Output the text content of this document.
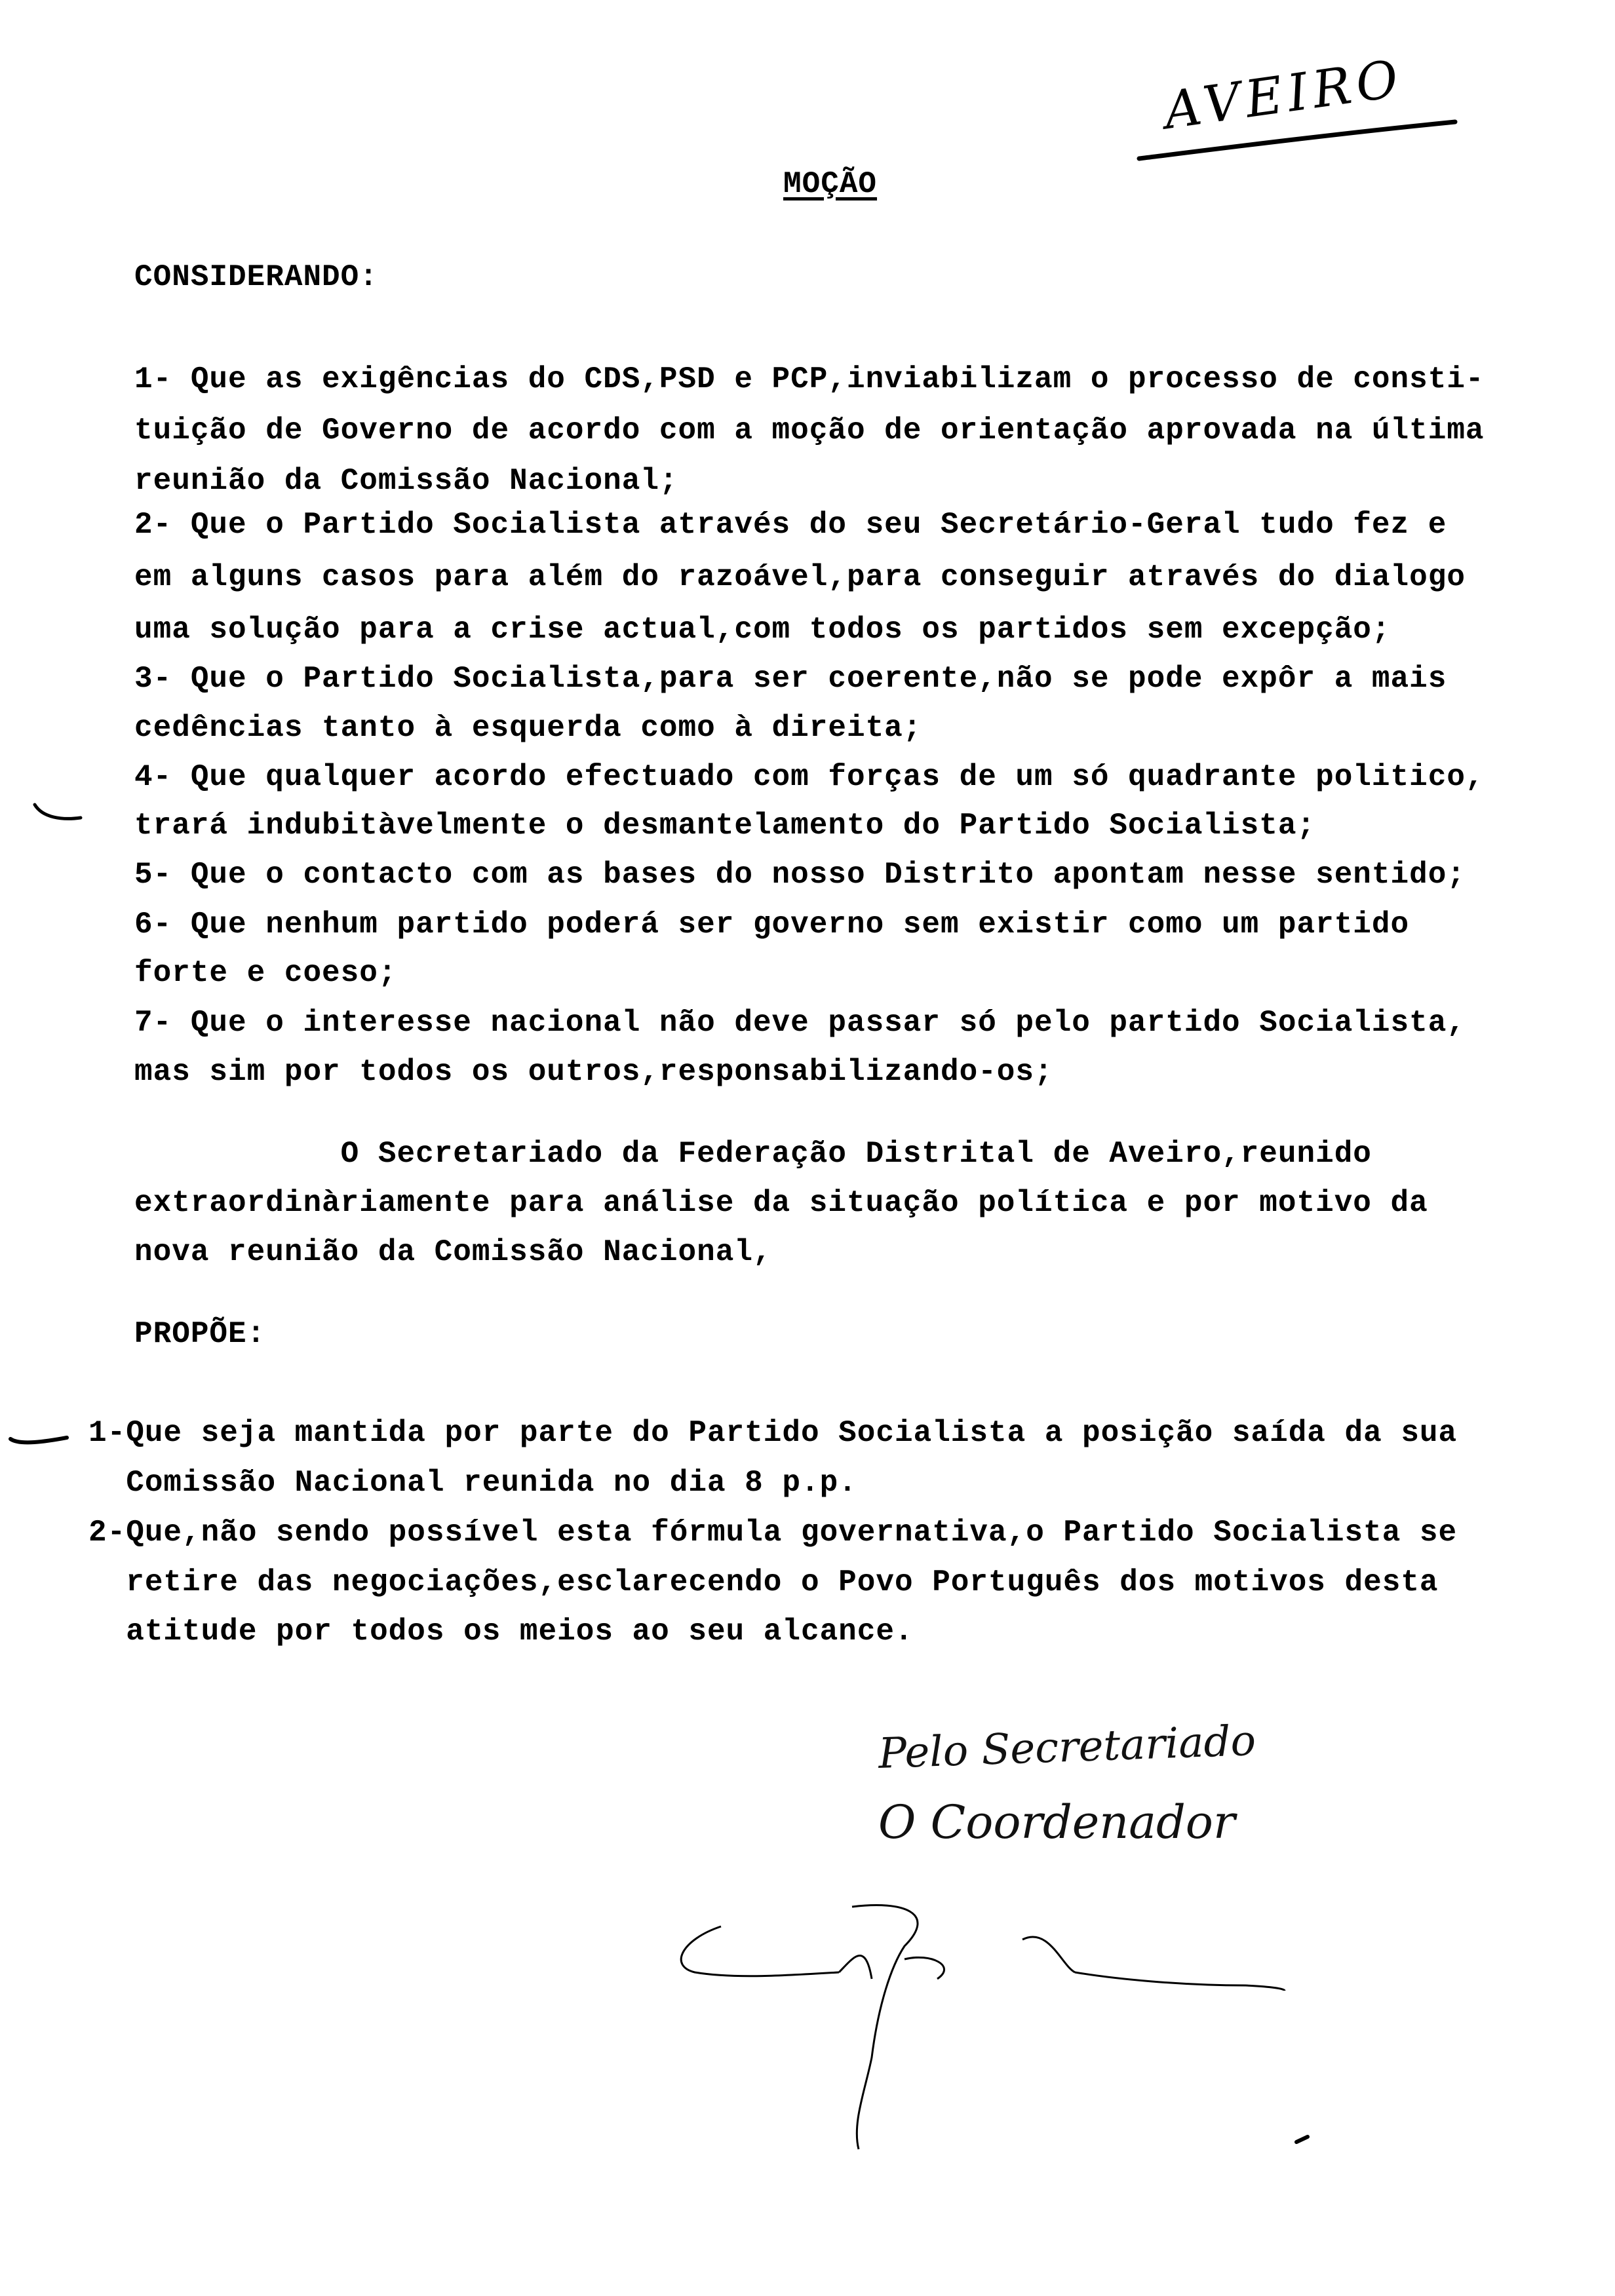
AVEIRO
MOÇÃO
CONSIDERANDO:
1- Que as exigências do CDS,PSD e PCP,inviabilizam o processo de consti-
tuição de Governo de acordo com a moção de orientação aprovada na última
reunião da Comissão Nacional;
2- Que o Partido Socialista através do seu Secretário-Geral tudo fez e
em alguns casos para além do razoável,para conseguir através do dialogo
uma solução para a crise actual,com todos os partidos sem excepção;
3- Que o Partido Socialista,para ser coerente,não se pode expôr a mais
cedências tanto à esquerda como à direita;
4- Que qualquer acordo efectuado com forças de um só quadrante politico,
trará indubitàvelmente o desmantelamento do Partido Socialista;
5- Que o contacto com as bases do nosso Distrito apontam nesse sentido;
6- Que nenhum partido poderá ser governo sem existir como um partido
forte e coeso;
7- Que o interesse nacional não deve passar só pelo partido Socialista,
mas sim por todos os outros,responsabilizando-os;
O Secretariado da Federação Distrital de Aveiro,reunido
extraordinàriamente para análise da situação política e por motivo da
nova reunião da Comissão Nacional,
PROPÕE:
1-Que seja mantida por parte do Partido Socialista a posição saída da sua
Comissão Nacional reunida no dia 8 p.p.
2-Que,não sendo possível esta fórmula governativa,o Partido Socialista se
retire das negociações,esclarecendo o Povo Português dos motivos desta
atitude por todos os meios ao seu alcance.
Pelo Secretariado
O Coordenador
